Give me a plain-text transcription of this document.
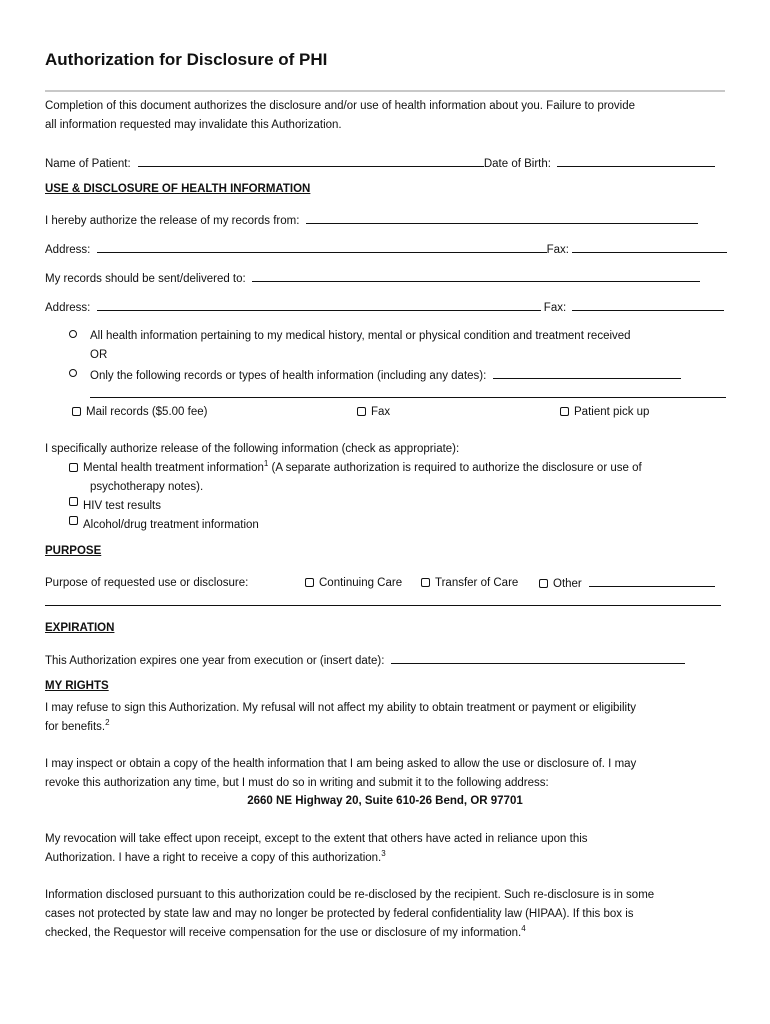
Authorization for Disclosure of PHI
Completion of this document authorizes the disclosure and/or use of health information about you. Failure to provide
all information requested may invalidate this Authorization.
Name of Patient:	Date of Birth:
USE & DISCLOSURE OF HEALTH INFORMATION
I hereby authorize the release of my records from:
Address:	Fax:
My records should be sent/delivered to:
Address:	Fax:
All health information pertaining to my medical history, mental or physical condition and treatment received
OR
Only the following records or types of health information (including any dates):
Mail records ($5.00 fee)	Fax	Patient pick up
I specifically authorize release of the following information (check as appropriate):
Mental health treatment information$^1$ (A separate authorization is required to authorize the disclosure or use of
psychotherapy notes).
HIV test results
Alcohol/drug treatment information
PURPOSE
Purpose of requested use or disclosure:	Continuing Care	Transfer of Care	Other
EXPIRATION
This Authorization expires one year from execution or (insert date):
MY RIGHTS
I may refuse to sign this Authorization. My refusal will not affect my ability to obtain treatment or payment or eligibility
for benefits.$^2$
I may inspect or obtain a copy of the health information that I am being asked to allow the use or disclosure of. I may
revoke this authorization any time, but I must do so in writing and submit it to the following address:
2660 NE Highway 20, Suite 610-26 Bend, OR 97701
My revocation will take effect upon receipt, except to the extent that others have acted in reliance upon this
Authorization. I have a right to receive a copy of this authorization.$^3$
Information disclosed pursuant to this authorization could be re-disclosed by the recipient. Such re-disclosure is in some
cases not protected by state law and may no longer be protected by federal confidentiality law (HIPAA). If this box is
checked, the Requestor will receive compensation for the use or disclosure of my information.$^4$
